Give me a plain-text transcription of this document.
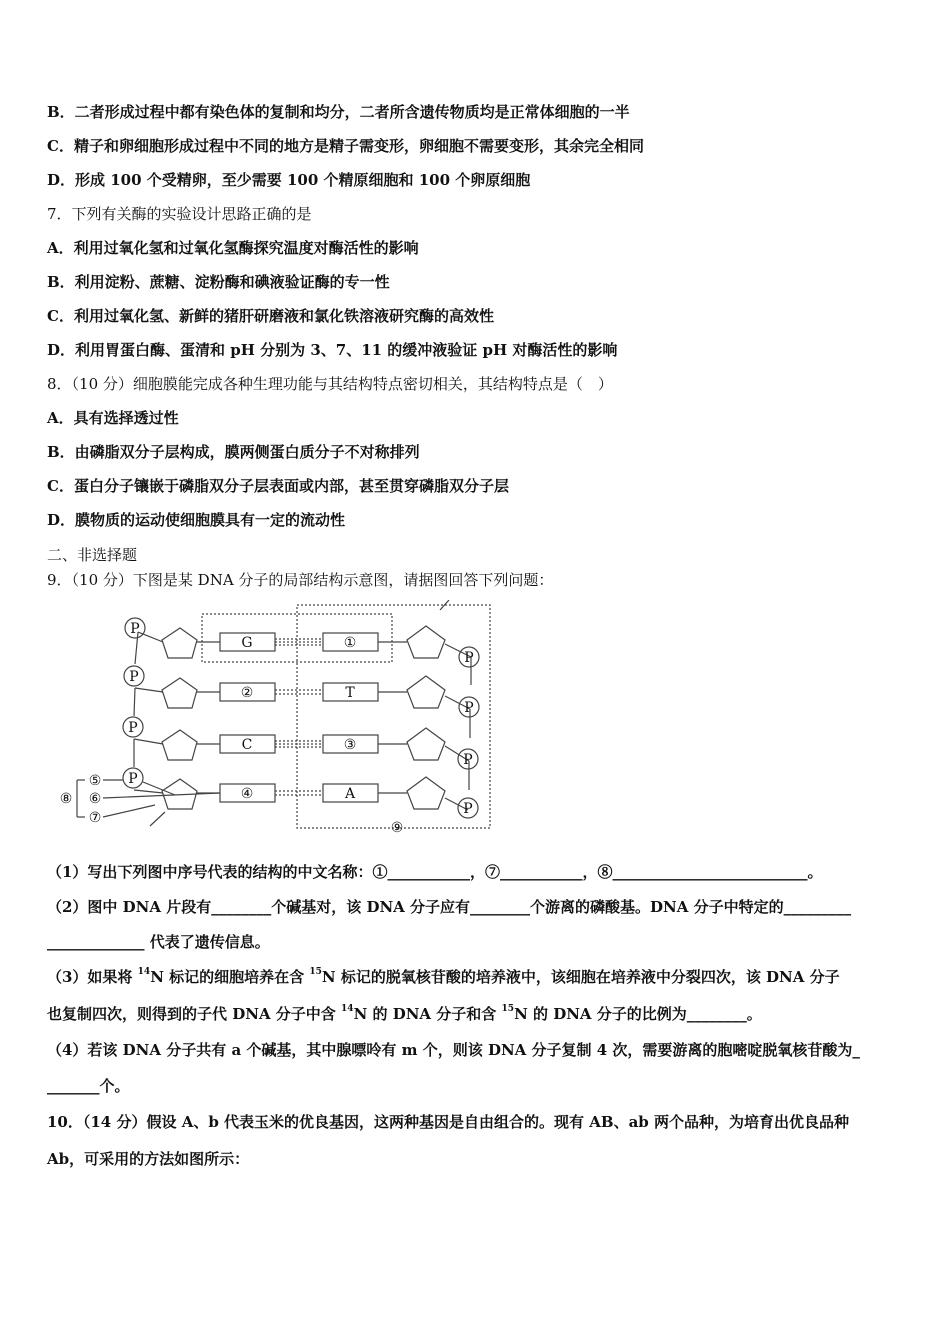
B．二者形成过程中都有染色体的复制和均分，二者所含遗传物质均是正常体细胞的一半
C．精子和卵细胞形成过程中不同的地方是精子需变形，卵细胞不需要变形，其余完全相同
D．形成 100 个受精卵，至少需要 100 个精原细胞和 100 个卵原细胞
7．下列有关酶的实验设计思路正确的是
A．利用过氧化氢和过氧化氢酶探究温度对酶活性的影响
B．利用淀粉、蔗糖、淀粉酶和碘液验证酶的专一性
C．利用过氧化氢、新鲜的猪肝研磨液和氯化铁溶液研究酶的高效性
D．利用胃蛋白酶、蛋清和 pH 分别为 3、7、11 的缓冲液验证 pH 对酶活性的影响
8．（10 分）细胞膜能完成各种生理功能与其结构特点密切相关，其结构特点是（　）
A．具有选择透过性
B．由磷脂双分子层构成，膜两侧蛋白质分子不对称排列
C．蛋白分子镶嵌于磷脂双分子层表面或内部，甚至贯穿磷脂双分子层
D．膜物质的运动使细胞膜具有一定的流动性
二、非选择题
9．（10 分）下图是某 DNA 分子的局部结构示意图，请据图回答下列问题：
P
P
P
P
P
P
P
P
G
②
C
④
①
T
③
A
⑤
⑥
⑦
⑧
⑨
（1）写出下列图中序号代表的结构的中文名称：①___________，⑦___________，⑧__________________________。
（2）图中 DNA 片段有________个碱基对，该 DNA 分子应有________个游离的磷酸基。DNA 分子中特定的_________
_____________ 代表了遗传信息。
（3）如果将 $^{14}$N 标记的细胞培养在含 $^{15}$N 标记的脱氧核苷酸的培养液中，该细胞在培养液中分裂四次，该 DNA 分子
也复制四次，则得到的子代 DNA 分子中含 $^{14}$N 的 DNA 分子和含 $^{15}$N 的 DNA 分子的比例为________。
（4）若该 DNA 分子共有 a 个碱基，其中腺嘌呤有 m 个，则该 DNA 分子复制 4 次，需要游离的胞嘧啶脱氧核苷酸为_
_______个。
10．（14 分）假设 A、b 代表玉米的优良基因，这两种基因是自由组合的。现有 AB、ab 两个品种，为培育出优良品种
Ab，可采用的方法如图所示：
